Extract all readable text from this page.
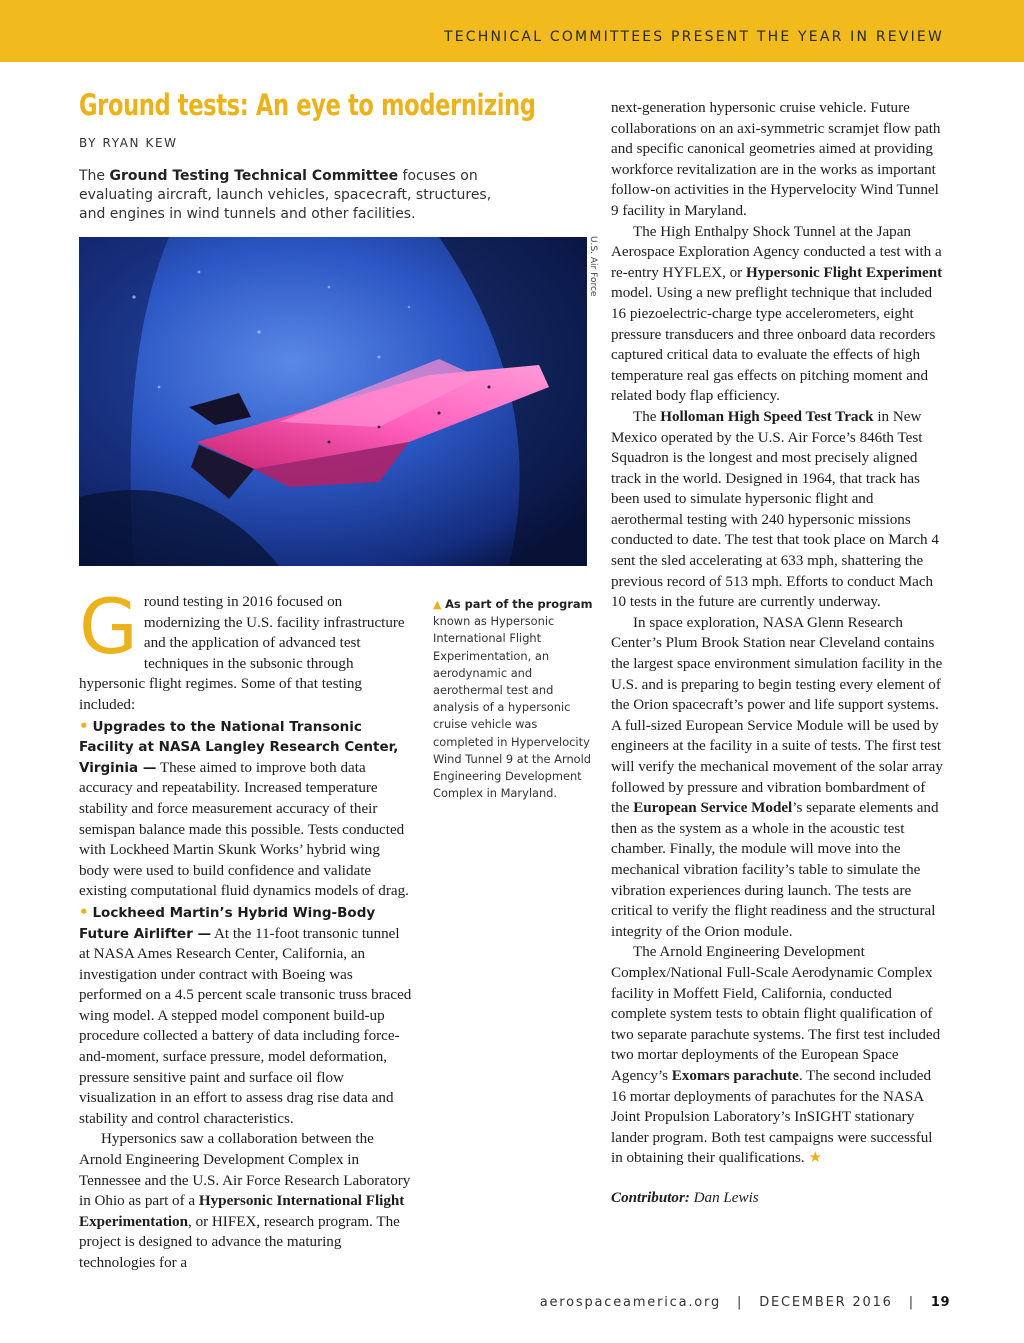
TECHNICAL COMMITTEES PRESENT THE YEAR IN REVIEW
Ground tests: An eye to modernizing
BY RYAN KEW
The Ground Testing Technical Committee focuses on evaluating aircraft, launch vehicles, spacecraft, structures, and engines in wind tunnels and other facilities.
U.S. Air Force
▲ As part of the program known as Hypersonic International Flight Experimentation, an aerodynamic and aerothermal test and analysis of a hypersonic cruise vehicle was completed in Hypervelocity Wind Tunnel 9 at the Arnold Engineering Development Complex in Maryland.

Ground testing in 2016 focused on modernizing the U.S. facility infrastructure and the application of advanced test techniques in the subsonic through hypersonic flight regimes. Some of that testing included:

• Upgrades to the National Transonic Facility at NASA Langley Research Center, Virginia — These aimed to improve both data accuracy and repeatability. Increased temperature stability and force measurement accuracy of their semispan balance made this possible. Tests conducted with Lockheed Martin Skunk Works’ hybrid wing body were used to build confidence and validate existing computational fluid dynamics models of drag.

• Lockheed Martin’s Hybrid Wing-Body Future Airlifter — At the 11-foot transonic tunnel at NASA Ames Research Center, California, an investigation under contract with Boeing was performed on a 4.5 percent scale transonic truss braced wing model. A stepped model component build-up procedure collected a battery of data including force-and-moment, surface pressure, model deformation, pressure sensitive paint and surface oil flow visualization in an effort to assess drag rise data and stability and control characteristics.

Hypersonics saw a collaboration between the Arnold Engineering Development Complex in Tennessee and the U.S. Air Force Research Laboratory in Ohio as part of a Hypersonic International Flight Experimentation, or HIFEX, research program. The project is designed to advance the maturing technologies for a

next-generation hypersonic cruise vehicle. Future collaborations on an axi-symmetric scramjet flow path and specific canonical geometries aimed at providing workforce revitalization are in the works as important follow-on activities in the Hypervelocity Wind Tunnel 9 facility in Maryland.

The High Enthalpy Shock Tunnel at the Japan Aerospace Exploration Agency conducted a test with a re-entry HYFLEX, or Hypersonic Flight Experiment model. Using a new preflight technique that included 16 piezoelectric-charge type accelerometers, eight pressure transducers and three onboard data recorders captured critical data to evaluate the effects of high temperature real gas effects on pitching moment and related body flap efficiency.

The Holloman High Speed Test Track in New Mexico operated by the U.S. Air Force’s 846th Test Squadron is the longest and most precisely aligned track in the world. Designed in 1964, that track has been used to simulate hypersonic flight and aerothermal testing with 240 hypersonic missions conducted to date. The test that took place on March 4 sent the sled accelerating at 633 mph, shattering the previous record of 513 mph. Efforts to conduct Mach 10 tests in the future are currently underway.

In space exploration, NASA Glenn Research Center’s Plum Brook Station near Cleveland contains the largest space environment simulation facility in the U.S. and is preparing to begin testing every element of the Orion spacecraft’s power and life support systems. A full-sized European Service Module will be used by engineers at the facility in a suite of tests. The first test will verify the mechanical movement of the solar array followed by pressure and vibration bombardment of the European Service Model’s separate elements and then as the system as a whole in the acoustic test chamber. Finally, the module will move into the mechanical vibration facility’s table to simulate the vibration experiences during launch. The tests are critical to verify the flight readiness and the structural integrity of the Orion module.

The Arnold Engineering Development Complex/National Full-Scale Aerodynamic Complex facility in Moffett Field, California, conducted complete system tests to obtain flight qualification of two separate parachute systems. The first test included two mortar deployments of the European Space Agency’s Exomars parachute. The second included 16 mortar deployments of parachutes for the NASA Joint Propulsion Laboratory’s InSIGHT stationary lander program. Both test campaigns were successful in obtaining their qualifications. ★

Contributor: Dan Lewis

aerospaceamerica.org | DECEMBER 2016 | 19
